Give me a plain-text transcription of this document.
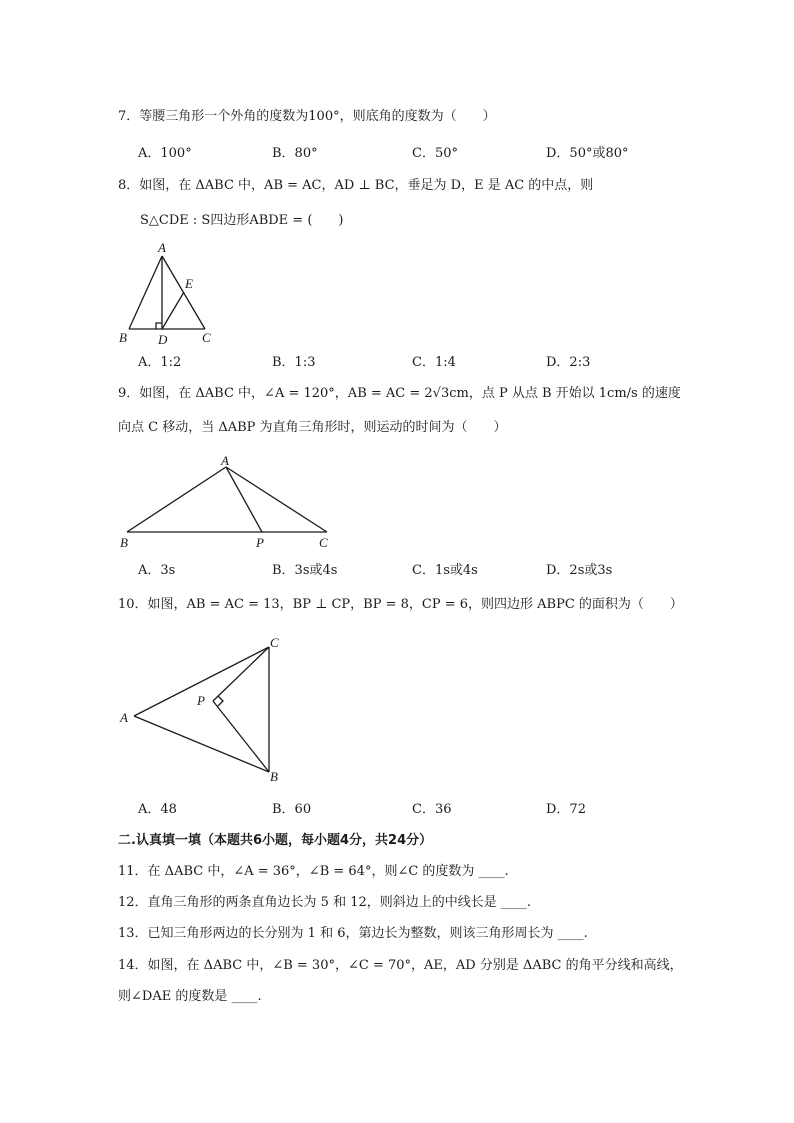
7．等腰三角形一个外角的度数为100°，则底角的度数为（　　）
A．100°	B．80°	C．50°	D．50°或80°
8．如图，在 ΔABC 中，AB = AC，AD ⊥ BC，垂足为 D，E 是 AC 的中点，则
S△CDE : S四边形ABDE = (　　)
A
E
B D	C
A．1:2	B．1:3	C．1:4	D．2:3
9．如图，在 ΔABC 中，∠A = 120°，AB = AC = 2√3cm，点 P 从点 B 开始以 1cm/s 的速度
向点 C 移动，当 ΔABP 为直角三角形时，则运动的时间为（　　）
A
B	P	C
A．3s	B．3s或4s	C．1s或4s	D．2s或3s
10．如图，AB = AC = 13，BP ⊥ CP，BP = 8，CP = 6，则四边形 ABPC 的面积为（　　）
C
P
A
B
A．48	B．60	C．36	D．72
二.认真填一填（本题共6小题，每小题4分，共24分）
11．在 ΔABC 中，∠A = 36°，∠B = 64°，则∠C 的度数为 ____.
12．直角三角形的两条直角边长为 5 和 12，则斜边上的中线长是 ____.
13．已知三角形两边的长分别为 1 和 6，第边长为整数，则该三角形周长为 ____.
14．如图，在 ΔABC 中，∠B = 30°，∠C = 70°，AE，AD 分别是 ΔABC 的角平分线和高线，
则∠DAE 的度数是 ____.
